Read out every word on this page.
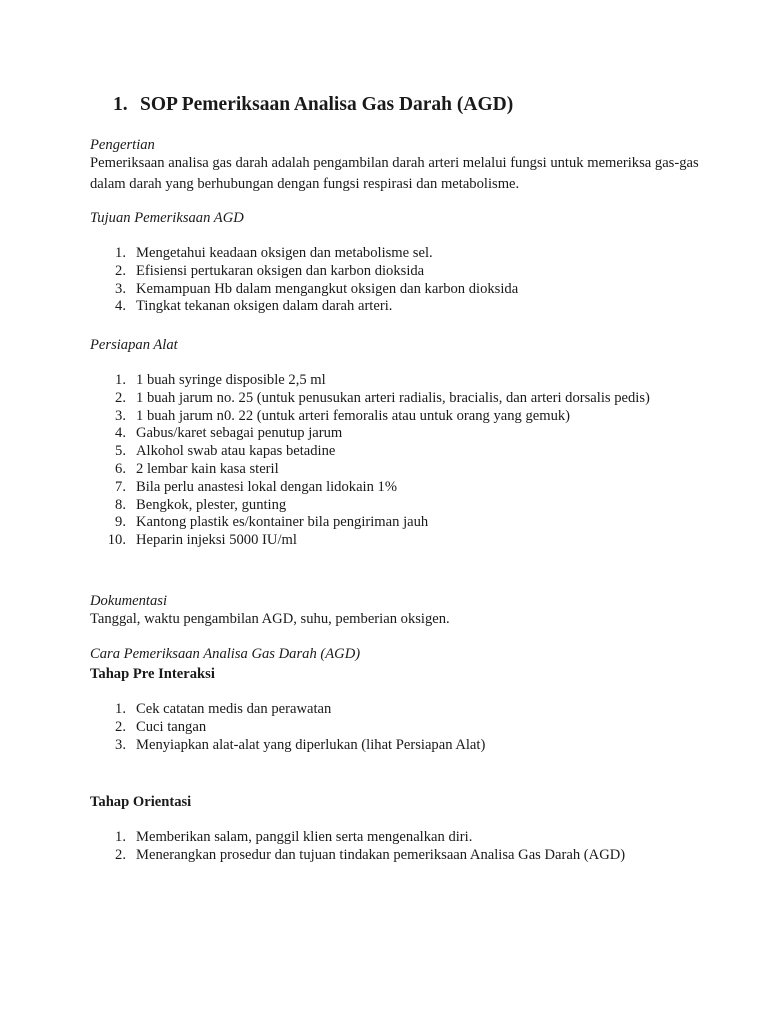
1. SOP Pemeriksaan Analisa Gas Darah (AGD)
Pengertian
Pemeriksaan analisa gas darah adalah pengambilan darah arteri melalui fungsi untuk memeriksa gas-gas dalam darah yang berhubungan dengan fungsi respirasi dan metabolisme.
Tujuan Pemeriksaan AGD
1. Mengetahui keadaan oksigen dan metabolisme sel.
2. Efisiensi pertukaran oksigen dan karbon dioksida
3. Kemampuan Hb dalam mengangkut oksigen dan karbon dioksida
4. Tingkat tekanan oksigen dalam darah arteri.
Persiapan Alat
1. 1 buah syringe disposible 2,5 ml
2. 1 buah jarum no. 25 (untuk penusukan arteri radialis, bracialis, dan arteri dorsalis pedis)
3. 1 buah jarum n0. 22 (untuk arteri femoralis atau untuk orang yang gemuk)
4. Gabus/karet sebagai penutup jarum
5. Alkohol swab atau kapas betadine
6. 2 lembar kain kasa steril
7. Bila perlu anastesi lokal dengan lidokain 1%
8. Bengkok, plester, gunting
9. Kantong plastik es/kontainer bila pengiriman jauh
10. Heparin injeksi 5000 IU/ml
Dokumentasi
Tanggal, waktu pengambilan AGD, suhu, pemberian oksigen.
Cara Pemeriksaan Analisa Gas Darah (AGD)
Tahap Pre Interaksi
1. Cek catatan medis dan perawatan
2. Cuci tangan
3. Menyiapkan alat-alat yang diperlukan (lihat Persiapan Alat)
Tahap Orientasi
1. Memberikan salam, panggil klien serta mengenalkan diri.
2. Menerangkan prosedur dan tujuan tindakan pemeriksaan Analisa Gas Darah (AGD)
